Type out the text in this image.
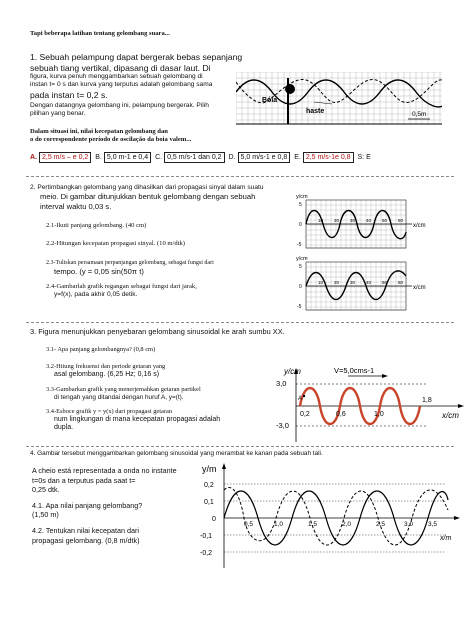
Tapi beberapa latihan tentang gelombang suara...
1. Sebuah pelampung dapat bergerak bebas sepanjang
sebuah tiang vertikal, dipasang di dasar laut. Di
figura, kurva penuh menggambarkan sebuah gelombang di
instan t= 0 s dan kurva yang terputus adalah gelombang sama
pada instan t= 0,2 s.
Dengan datangnya gelombang ini, pelampung bergerak. Pilih
pilihan yang benar.
Dalam situasi ini, nilai kecepatan gelombang dan
o do correspondente período de oscilação da boia valem...
Bóia
haste	0,5m
A. 2,5 m/s – e 0,2 B. 5,0 m-1 e 0,4 C. 0,5 m/s-1 dan 0,2 D. 5,0 m/s-1 e 0,8 E. 2,5 m/s-1e 0,8 S: E
2. Pertimbangkan gelombang yang dihasilkan dari propagasi sinyal dalam suatu
meio. Di gambar ditunjukkan bentuk gelombang dengan sebuah
interval waktu 0,03 s.
2.1-Ikuti panjang gelombang. (40 cm)
2.2-Hitungan kecepatan propagasi sinyal. (10 m/dtk)
2.3-Tuliskan persamaan perpanjangan gelombang, sebagai fungsi dari
tempo. (y = 0,05 sin(50π t)
2.4-Gambarlah grafik regangan sebagai fungsi dari jarak,
y=f(x), pada akhir 0,05 detik.
y/cm
y/cm
x/cm
x/cm
5
0
-5
5
0
-5
10 20 30 40 50 60
10 20 30 40 50 60
3. Figura menunjukkan penyebaran gelombang sinusoidal ke arah sumbu XX.
3.1- Apa panjang gelombangnya? (0,8 cm)
3.2-Hitung frekuensi dan periode getaran yang
asal gelombang. (6,25 Hz; 0,16 s)
3.3-Gambarkan grafik yang menerjemahkan getaran partikel
di tengah yang ditandai dengan huruf A, y=(t).
3.4-Esboce grafik y = y(x) dari propagasi getaran
num lingkungan di mana kecepatan propagasi adalah
dupla.
y/cm
x/cm
3,0
-3,0
V=5,0cms-1
A
0,2	0,6	1,0
1,8
4. Gambar tersebut menggambarkan gelombang sinusoidal yang merambat ke kanan pada sebuah tali.
A cheio está representada a onda no instante
t=0s dan a terputus pada saat t=
0,25 dtk.
4.1. Apa nilai panjang gelombang?
(1,50 m)
4.2. Tentukan nilai kecepatan dari
propagasi gelombang. (0,8 m/dtk)
y/m
x/m
0,2
0,1
0
-0,1
-0,2
0,5	1,0	1,5	2,0	2,5	3,0 3,5
